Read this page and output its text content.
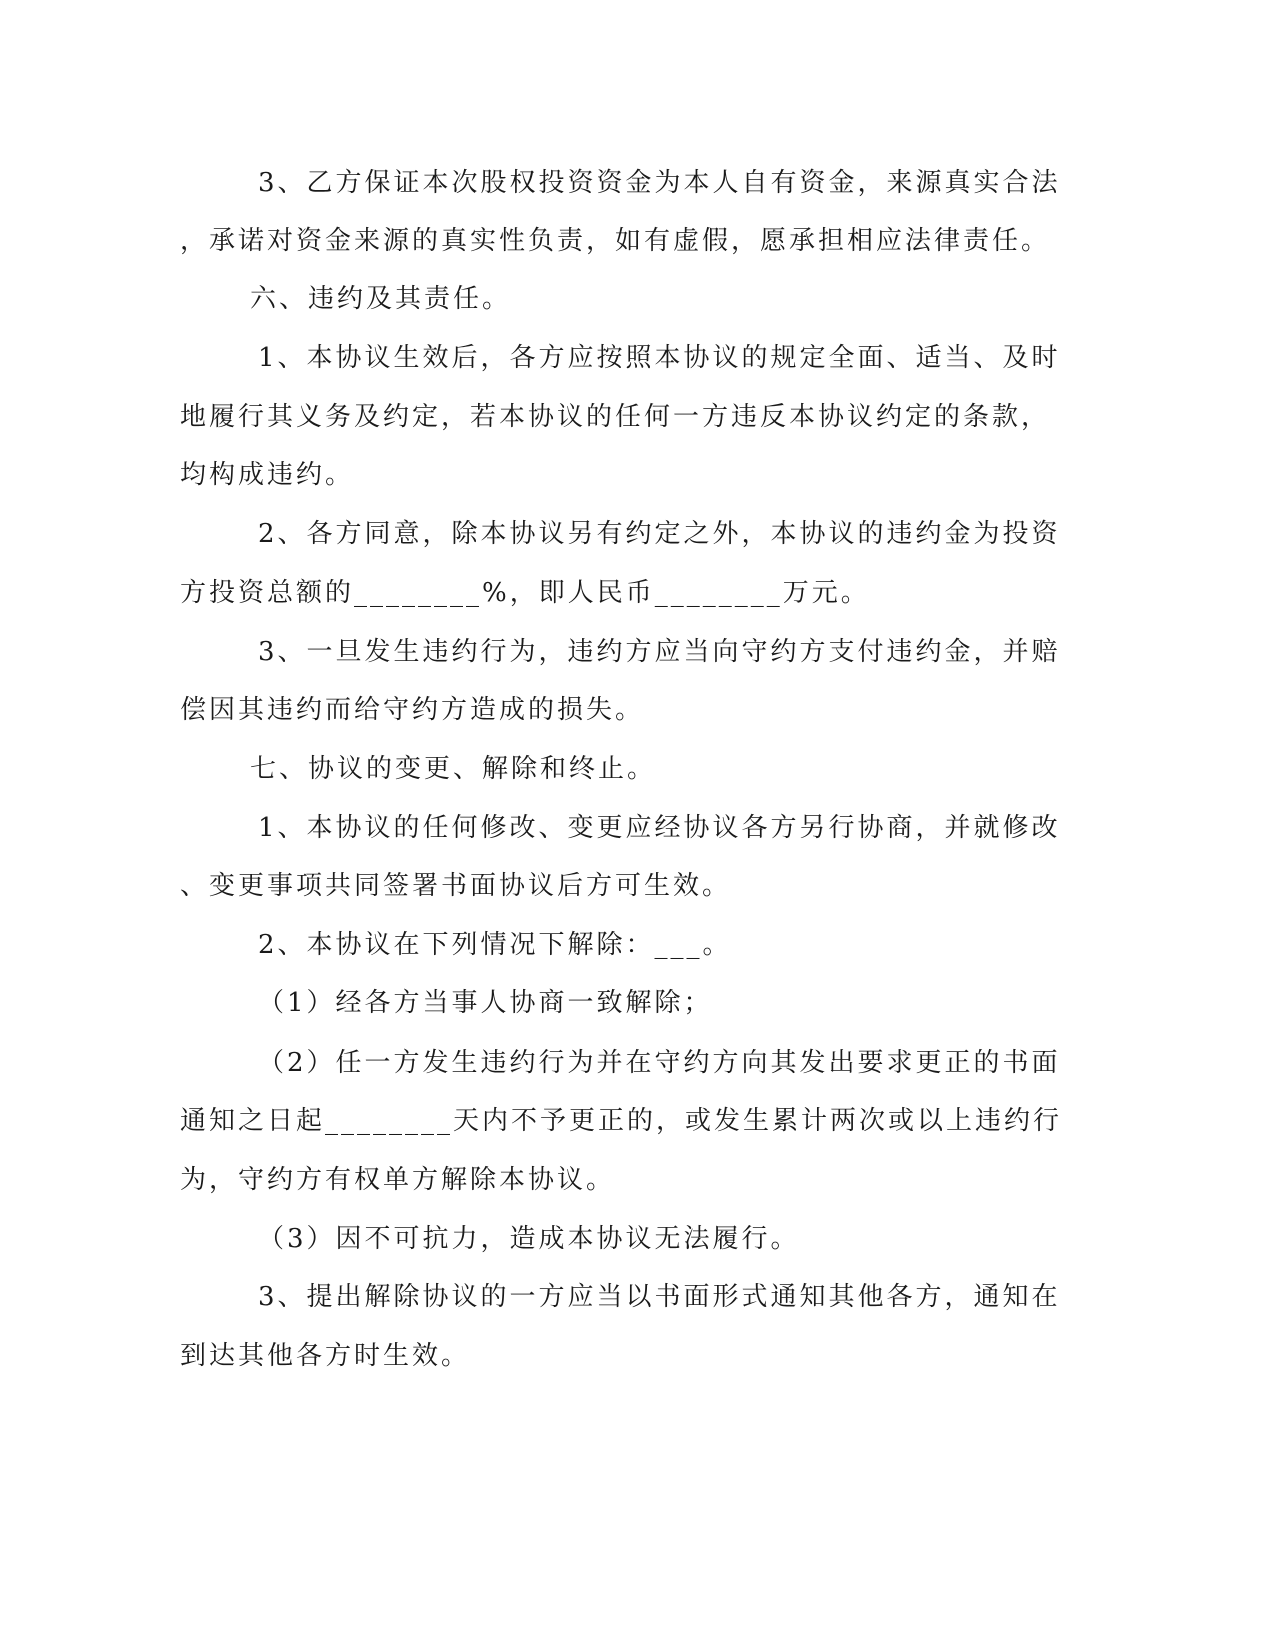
3、乙方保证本次股权投资资金为本人自有资金，来源真实合法
，承诺对资金来源的真实性负责，如有虚假，愿承担相应法律责任。
六、违约及其责任。
1、本协议生效后，各方应按照本协议的规定全面、适当、及时
地履行其义务及约定，若本协议的任何一方违反本协议约定的条款，
均构成违约。
2、各方同意，除本协议另有约定之外，本协议的违约金为投资
方投资总额的________%，即人民币________万元。
3、一旦发生违约行为，违约方应当向守约方支付违约金，并赔
偿因其违约而给守约方造成的损失。
七、协议的变更、解除和终止。
1、本协议的任何修改、变更应经协议各方另行协商，并就修改
、变更事项共同签署书面协议后方可生效。
2、本协议在下列情况下解除：___。
（1）经各方当事人协商一致解除；
（2）任一方发生违约行为并在守约方向其发出要求更正的书面
通知之日起________天内不予更正的，或发生累计两次或以上违约行
为，守约方有权单方解除本协议。
（3）因不可抗力，造成本协议无法履行。
3、提出解除协议的一方应当以书面形式通知其他各方，通知在
到达其他各方时生效。
